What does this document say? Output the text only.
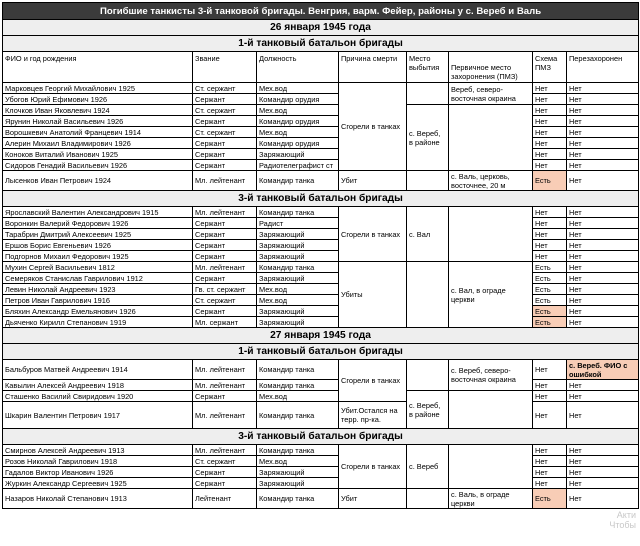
Погибшие танкисты 3-й танковой бригады. Венгрия, варм. Фейер, районы у с. Вереб и Валь							
26 января 1945 года							
1-й танковый батальон бригады							
ФИО и год рождения	Звание	Должность	Причина смерти	Место выбытия	Первичное место захоронения (ПМЗ)	Схема ПМЗ	Перезахоронен
Марковцев Георгий Михайлович 1925	Ст. сержант	Мех.вод	Сгорели в танках		Вереб, северо-восточная окраина	Нет	Нет
Убогов Юрий Ефимович 1926	Сержант	Командир орудия				Нет	Нет
Клочков Иван Яковлевич 1924	Ст. сержант	Мех.вод		с. Вереб, в районе		Нет	Нет
Ярунин Николай Васильевич 1926	Сержант	Командир орудия				Нет	Нет
Ворошкевич Анатолий Францевич 1914	Ст. сержант	Мех.вод				Нет	Нет
Алерин Михаил Владимирович 1926	Сержант	Командир орудия				Нет	Нет
Коноков Виталий Иванович 1925	Сержант	Заряжающий				Нет	Нет
Сидоров Генадий Васильевич 1926	Сержант	Радиотелеграфист ст				Нет	Нет
Лысенков Иван Петрович 1924	Мл. лейтенант	Командир танка	Убит		с. Валь, церковь, восточнее, 20 м	Есть	Нет
3-й танковый батальон бригады							
Ярославский Валентин Александрович 1915	Мл. лейтенант	Командир танка	Сгорели в танках	с. Вал		Нет	Нет
Воронкин Валерий Федорович 1926	Сержант	Радист				Нет	Нет
Тарабрин Дмитрий Алексеевич 1925	Сержант	Заряжающий				Нет	Нет
Ершов Борис Евгеньевич 1926	Сержант	Заряжающий				Нет	Нет
Подгорнов Михаил Федорович 1925	Сержант	Заряжающий				Нет	Нет
Мухин Сергей Васильевич 1812	Мл. лейтенант	Командир танка	Убиты		с. Вал, в ограде церкви	Есть	Нет
Семеряков Станислав Гаврилович 1912	Сержант	Заряжающий				Есть	Нет
Левин Николай Андреевич 1923	Гв. ст. сержант	Мех.вод				Есть	Нет
Петров Иван Гаврилович 1916	Ст. сержант	Мех.вод				Есть	Нет
Бляхин Александр Емельянович 1926	Сержант	Заряжающий				Есть	Нет
Дьяченко Кирилл Степанович 1919	Мл. сержант	Заряжающий				Есть	Нет
27 января 1945 года							
1-й танковый батальон бригады							
Бальбуров Матвей Андреевич 1914	Мл. лейтенант	Командир танка	Сгорели в танках		с. Вереб, северо-восточная окраина	Нет	с. Вереб. ФИО с ошибкой
Кавылин Алексей Андреевич 1918	Мл. лейтенант	Командир танка				Нет	Нет
Сташенко Василий Свиридович 1920	Сержант	Мех.вод		с. Вереб, в районе		Нет	Нет
Шкарин Валентин Петрович 1917	Мл. лейтенант	Командир танка	Убит.Остался на терр. пр-ка.			Нет	Нет
3-й танковый батальон бригады							
Смирнов Алексей Андреевич 1913	Мл. лейтенант	Командир танка	Сгорели в танках	с. Вереб		Нет	Нет
Розов Николай Гаврилович 1918	Ст. сержант	Мех.вод				Нет	Нет
Гадалов Виктор Иванович 1926	Сержант	Заряжающий				Нет	Нет
Журкин Александр Сергеевич 1925	Сержант	Заряжающий				Нет	Нет
Назаров Николай Степанович 1913	Лейтенант	Командир танка	Убит		с. Валь, в ограде церкви	Есть	Нет
Акти
Чтобы
